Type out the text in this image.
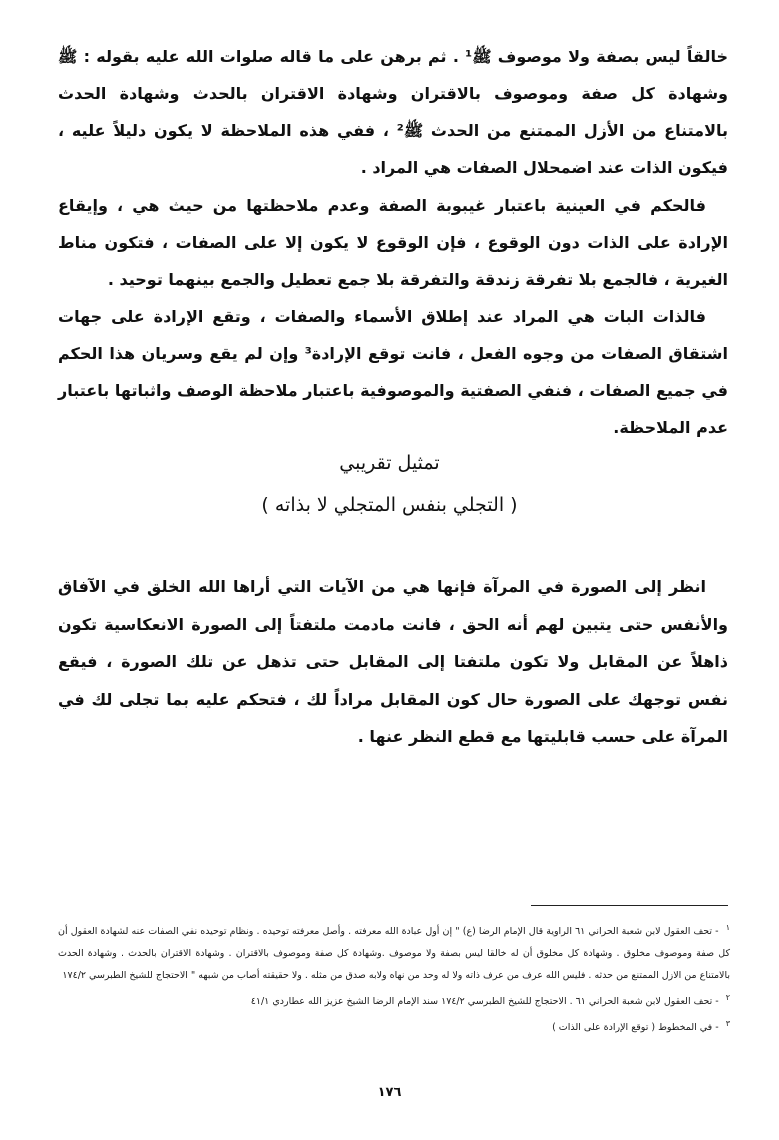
خالقاً ليس بصفة ولا موصوف ﷺ¹ . ثم برهن على ما قاله صلوات الله عليه بقوله : ﷺ وشهادة كل صفة وموصوف بالاقتران وشهادة الاقتران بالحدث وشهادة الحدث بالامتناع من الأزل الممتنع من الحدث ﷺ² ، ففي هذه الملاحظة لا يكون دليلاً عليه ، فيكون الذات عند اضمحلال الصفات هي المراد .

فالحكم في العينية باعتبار غيبوبة الصفة وعدم ملاحظتها من حيث هي ، وإيقاع الإرادة على الذات دون الوقوع ، فإن الوقوع لا يكون إلا على الصفات ، فتكون مناط الغيرية ، فالجمع بلا تفرقة زندقة والتفرقة بلا جمع تعطيل والجمع بينهما توحيد .

فالذات البات هي المراد عند إطلاق الأسماء والصفات ، وتقع الإرادة على جهات اشتقاق الصفات من وجوه الفعل ، فانت توقع الإرادة³ وإن لم يقع وسريان هذا الحكم في جميع الصفات ، فنفي الصفتية والموصوفية باعتبار ملاحظة الوصف واثباتها باعتبار عدم الملاحظة.

تمثيل تقريبي
( التجلي بنفس المتجلي لا بذاته )

انظر إلى الصورة في المرآة فإنها هي من الآيات التي أراها الله الخلق في الآفاق والأنفس حتى يتبين لهم أنه الحق ، فانت مادمت ملتفتاً إلى الصورة الانعكاسية تكون ذاهلاً عن المقابل ولا تكون ملتفتا إلى المقابل حتى تذهل عن تلك الصورة ، فيقع نفس توجهك على الصورة حال كون المقابل مراداً لك ، فتحكم عليه بما تجلى لك في المرآة على حسب قابليتها مع قطع النظر عنها .

$^١$ - تحف العقول لابن شعبة الحراني ٦١ الراوية قال الإمام الرضا (ع) " إن أول عبادة الله معرفته . وأصل معرفته توحيده . ونظام توحيده نفي الصفات عنه لشهادة العقول أن كل صفة وموصوف مخلوق . وشهادة كل مخلوق أن له خالقا ليس بصفة ولا موصوف .وشهادة كل صفة وموصوف بالاقتران . وشهادة الاقتران بالحدث . وشهادة الحدث بالامتناع من الازل الممتنع من حدثه . فليس الله عرف من عرف ذاته ولا له وحد من نهاه ولابه صدق من مثله . ولا حقيقته أصاب من شبهه " الاحتجاج للشيخ الطبرسي ١٧٤/٢

$^٢$ - تحف العقول لابن شعبة الحراني ٦١ . الاحتجاج للشيخ الطبرسي ١٧٤/٢ سند الإمام الرضا الشيخ عزيز الله عطاردي ٤١/١

$^٣$ - في المخطوط ( توقع الإرادة على الذات )

١٧٦
